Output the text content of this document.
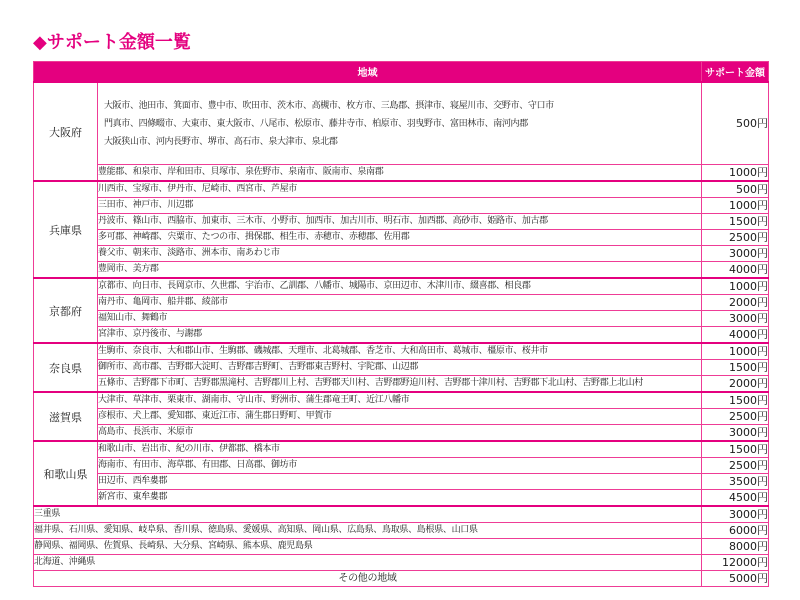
◆サポート金額一覧
地域		サポート金額
大阪府	大阪市、池田市、箕面市、豊中市、吹田市、茨木市、高槻市、枚方市、三島郡、摂津市、寝屋川市、交野市、守口市
門真市、四條畷市、大東市、東大阪市、八尾市、松原市、藤井寺市、柏原市、羽曳野市、富田林市、南河内郡
大阪狭山市、河内長野市、堺市、高石市、泉大津市、泉北郡	500円
	豊能郡、和泉市、岸和田市、貝塚市、泉佐野市、泉南市、阪南市、泉南郡	1000円
兵庫県	川西市、宝塚市、伊丹市、尼崎市、西宮市、芦屋市	500円
	三田市、神戸市、川辺郡	1000円
	丹波市、篠山市、西脇市、加東市、三木市、小野市、加西市、加古川市、明石市、加西郡、高砂市、姫路市、加古郡	1500円
	多可郡、神崎郡、宍粟市、たつの市、揖保郡、相生市、赤穂市、赤穂郡、佐用郡	2500円
	養父市、朝来市、淡路市、洲本市、南あわじ市	3000円
	豊岡市、美方郡	4000円
京都府	京都市、向日市、長岡京市、久世郡、宇治市、乙訓郡、八幡市、城陽市、京田辺市、木津川市、綴喜郡、相良郡	1000円
	南丹市、亀岡市、船井郡、綾部市	2000円
	福知山市、舞鶴市	3000円
	宮津市、京丹後市、与謝郡	4000円
奈良県	生駒市、奈良市、大和郡山市、生駒郡、磯城郡、天理市、北葛城郡、香芝市、大和高田市、葛城市、橿原市、桜井市	1000円
	御所市、高市郡、吉野郡大淀町、吉野郡吉野町、吉野郡東吉野村、宇陀郡、山辺郡	1500円
	五條市、吉野郡下市町、吉野郡黒滝村、吉野郡川上村、吉野郡天川村、吉野郡野迫川村、吉野郡十津川村、吉野郡下北山村、吉野郡上北山村	2000円
滋賀県	大津市、草津市、栗東市、湖南市、守山市、野洲市、蒲生郡竜王町、近江八幡市	1500円
	彦根市、犬上郡、愛知郡、東近江市、蒲生郡日野町、甲賀市	2500円
	高島市、長浜市、米原市	3000円
和歌山県	和歌山市、岩出市、紀の川市、伊都郡、橋本市	1500円
	海南市、有田市、海草郡、有田郡、日高郡、御坊市	2500円
	田辺市、西牟婁郡	3500円
	新宮市、東牟婁郡	4500円
三重県		3000円
福井県、石川県、愛知県、岐阜県、香川県、徳島県、愛媛県、高知県、岡山県、広島県、鳥取県、島根県、山口県		6000円
静岡県、福岡県、佐賀県、長崎県、大分県、宮崎県、熊本県、鹿児島県		8000円
北海道、沖縄県		12000円
その他の地域		5000円
